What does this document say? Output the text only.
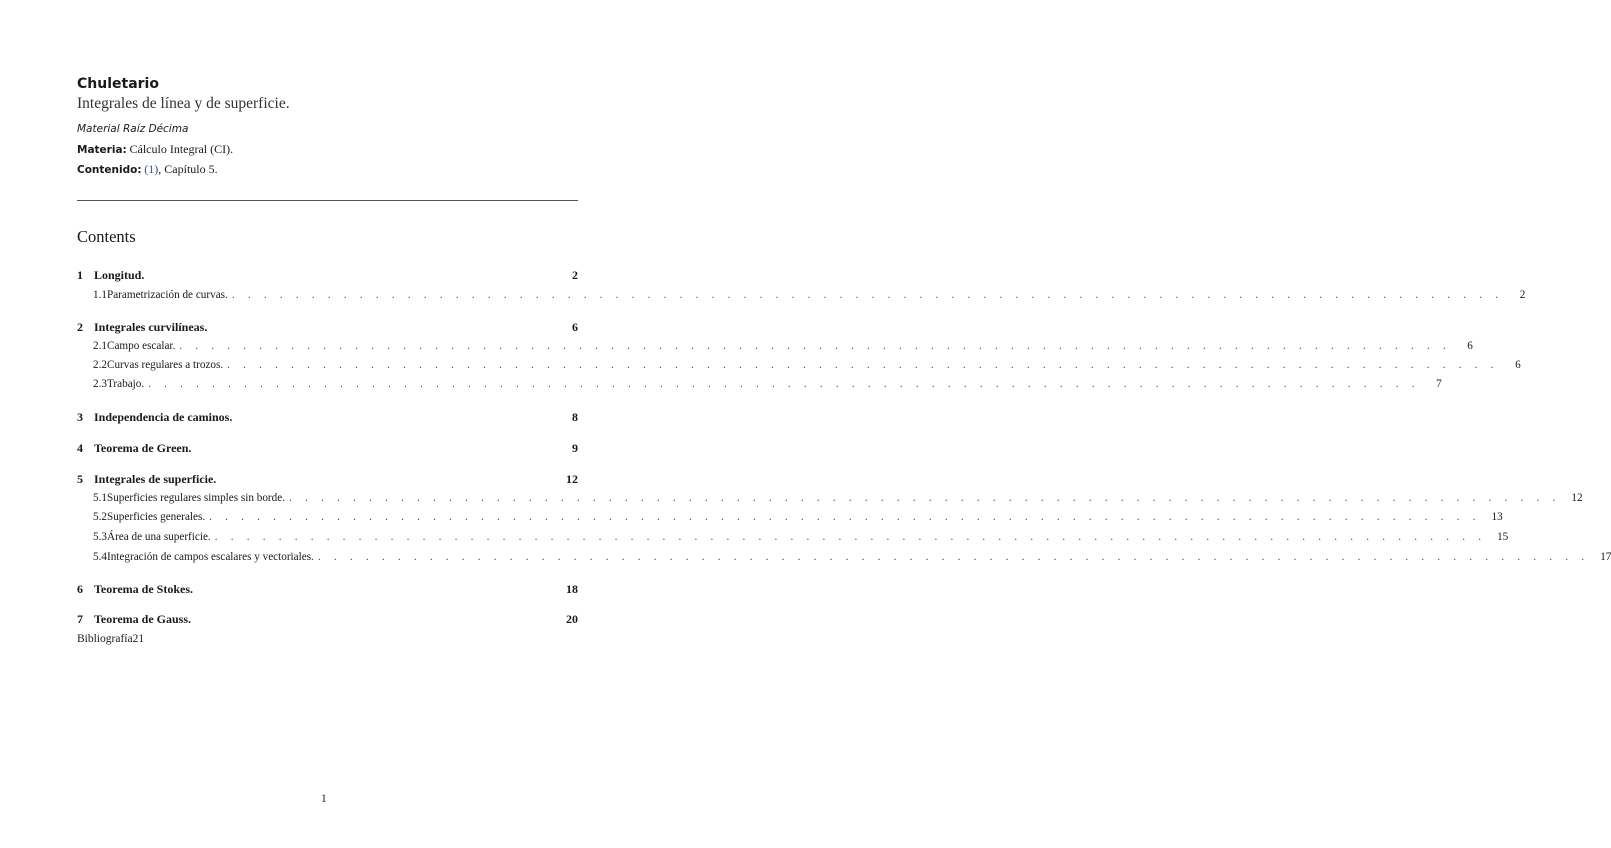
Chuletario
Integrales de línea y de superficie.
Material Raíz Décima
Materia: Cálculo Integral (CI).
Contenido: (1), Capítulo 5.
Contents
1 Longitud.	2
1.1 Parametrización de curvas. . . . . . . . . . . . . . . . . . . . . . . . . . . . . . . . . . . . . . . . . . . . . . . . . . . . . . . . . . . . . . . . . . . . . . . . . . . . . . . . .	2
2 Integrales curvilíneas.	6
2.1 Campo escalar. . . . . . . . . . . . . . . . . . . . . . . . . . . . . . . . . . . . . . . . . . . . . . . . . . . . . . . . . . . . . . . . . . . . . . . . . . . . . . . . .	6
2.2 Curvas regulares a trozos. . . . . . . . . . . . . . . . . . . . . . . . . . . . . . . . . . . . . . . . . . . . . . . . . . . . . . . . . . . . . . . . . . . . . . . . . . . . . . . . .	6
2.3 Trabajo. . . . . . . . . . . . . . . . . . . . . . . . . . . . . . . . . . . . . . . . . . . . . . . . . . . . . . . . . . . . . . . . . . . . . . . . . . . . . . . . .	7
3 Independencia de caminos.	8
4 Teorema de Green.	9
5 Integrales de superficie.	12
5.1 Superficies regulares simples sin borde. . . . . . . . . . . . . . . . . . . . . . . . . . . . . . . . . . . . . . . . . . . . . . . . . . . . . . . . . . . . . . . . . . . . . . . . . . . . . . . . . 12
5.2 Superficies generales. . . . . . . . . . . . . . . . . . . . . . . . . . . . . . . . . . . . . . . . . . . . . . . . . . . . . . . . . . . . . . . . . . . . . . . . . . . . . . . . . 13
5.3 Área de una superficie. . . . . . . . . . . . . . . . . . . . . . . . . . . . . . . . . . . . . . . . . . . . . . . . . . . . . . . . . . . . . . . . . . . . . . . . . . . . . . . . . 15
5.4 Integración de campos escalares y vectoriales. . . . . . . . . . . . . . . . . . . . . . . . . . . . . . . . . . . . . . . . . . . . . . . . . . . . . . . . . . . . . . . . . . . . . . . . . . . . . . . . . 17
6 Teorema de Stokes.	18
7 Teorema de Gauss.	20
Bibliografía21
1
